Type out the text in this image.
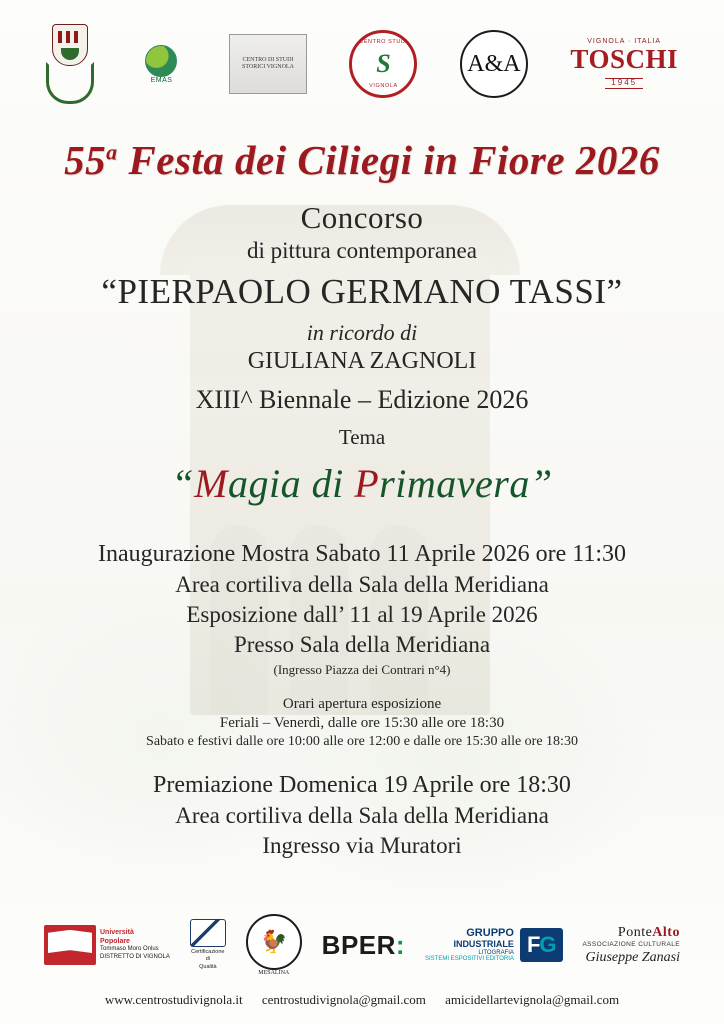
EMAS
CENTRO DI STUDI STORICI VIGNOLA
CENTRO STUDI
S
VIGNOLA
A&A
VIGNOLA · ITALIA
TOSCHI
1945
55$^a$ Festa dei Ciliegi in Fiore 2026
Concorso
di pittura contemporanea
“PIERPAOLO GERMANO TASSI”
in ricordo di
GIULIANA ZAGNOLI
XIII^ Biennale – Edizione 2026
Tema
“Magia di Primavera”
Inaugurazione Mostra Sabato 11 Aprile 2026 ore 11:30
Area cortiliva della Sala della Meridiana
Esposizione dall’ 11 al 19 Aprile 2026
Presso Sala della Meridiana
(Ingresso Piazza dei Contrari n°4)
Orari apertura esposizione
Feriali – Venerdì, dalle ore 15:30 alle ore 18:30
Sabato e festivi dalle ore 10:00 alle ore 12:00 e dalle ore 15:30 alle ore 18:30
Premiazione Domenica 19 Aprile ore 18:30
Area cortiliva della Sala della Meridiana
Ingresso via Muratori
Università
Popolare
Tommaso Moro Onlus
DISTRETTO DI VIGNOLA
Certificazione
di
Qualità
🐓
MESALINA
BPER:	GRUPPO
INDUSTRIALE
LITOGRAFIA
SISTEMI ESPOSITIVI EDITORIA
FG	PonteAlto
ASSOCIAZIONE CULTURALE
Giuseppe Zanasi
www.centrostudivignola.it centrostudivignola@gmail.com amicidellartevignola@gmail.com
